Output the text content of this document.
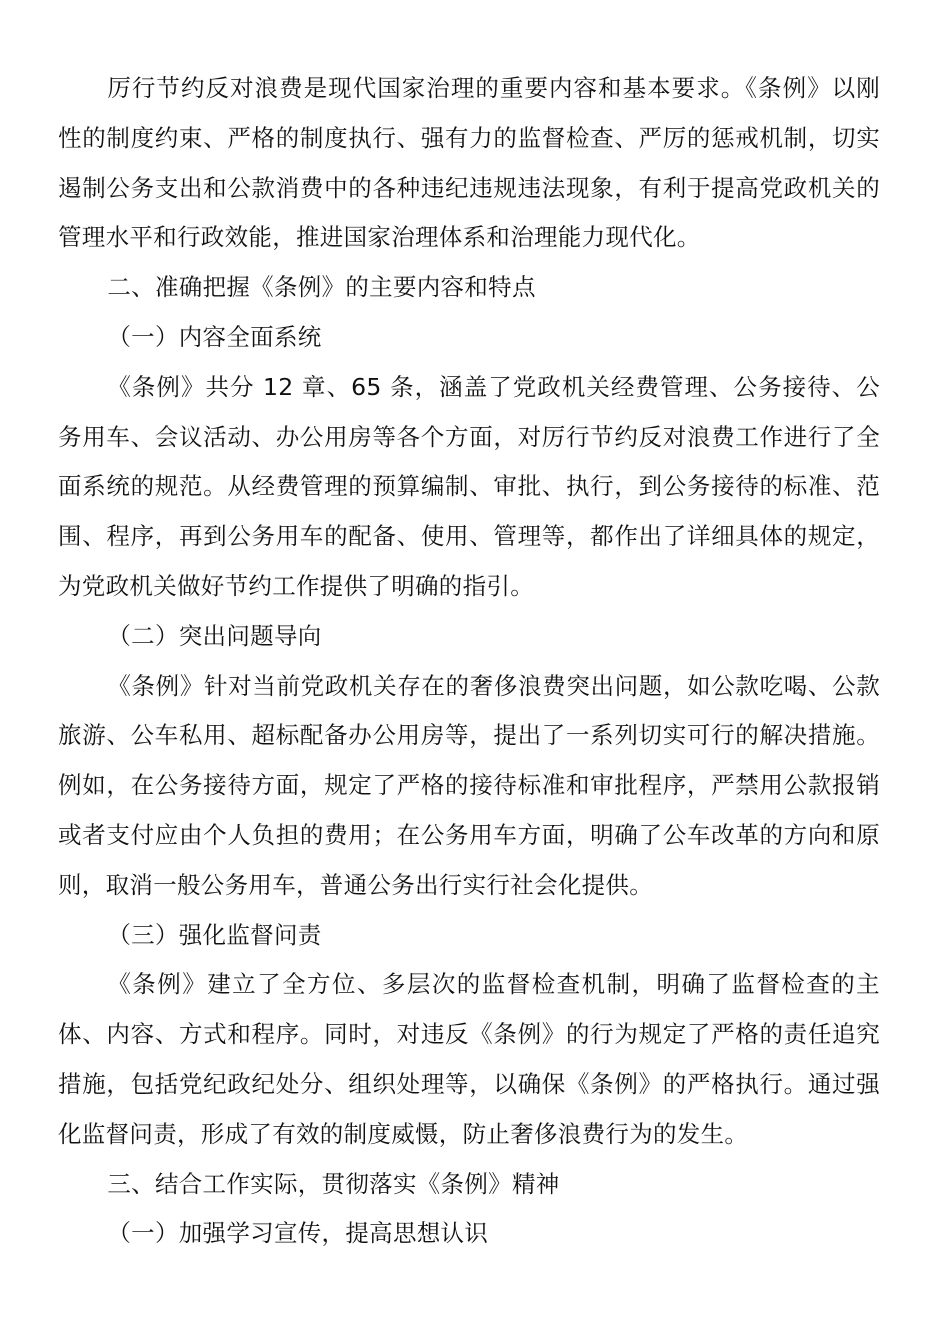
厉行节约反对浪费是现代国家治理的重要内容和基本要求。《条例》以刚性的制度约束、严格的制度执行、强有力的监督检查、严厉的惩戒机制，切实遏制公务支出和公款消费中的各种违纪违规违法现象，有利于提高党政机关的管理水平和行政效能，推进国家治理体系和治理能力现代化。

二、准确把握《条例》的主要内容和特点

（一）内容全面系统

《条例》共分 12 章、65 条，涵盖了党政机关经费管理、公务接待、公务用车、会议活动、办公用房等各个方面，对厉行节约反对浪费工作进行了全面系统的规范。从经费管理的预算编制、审批、执行，到公务接待的标准、范围、程序，再到公务用车的配备、使用、管理等，都作出了详细具体的规定，为党政机关做好节约工作提供了明确的指引。

（二）突出问题导向

《条例》针对当前党政机关存在的奢侈浪费突出问题，如公款吃喝、公款旅游、公车私用、超标配备办公用房等，提出了一系列切实可行的解决措施。例如，在公务接待方面，规定了严格的接待标准和审批程序，严禁用公款报销或者支付应由个人负担的费用；在公务用车方面，明确了公车改革的方向和原则，取消一般公务用车，普通公务出行实行社会化提供。

（三）强化监督问责

《条例》建立了全方位、多层次的监督检查机制，明确了监督检查的主体、内容、方式和程序。同时，对违反《条例》的行为规定了严格的责任追究措施，包括党纪政纪处分、组织处理等，以确保《条例》的严格执行。通过强化监督问责，形成了有效的制度威慑，防止奢侈浪费行为的发生。

三、结合工作实际，贯彻落实《条例》精神

（一）加强学习宣传，提高思想认识
